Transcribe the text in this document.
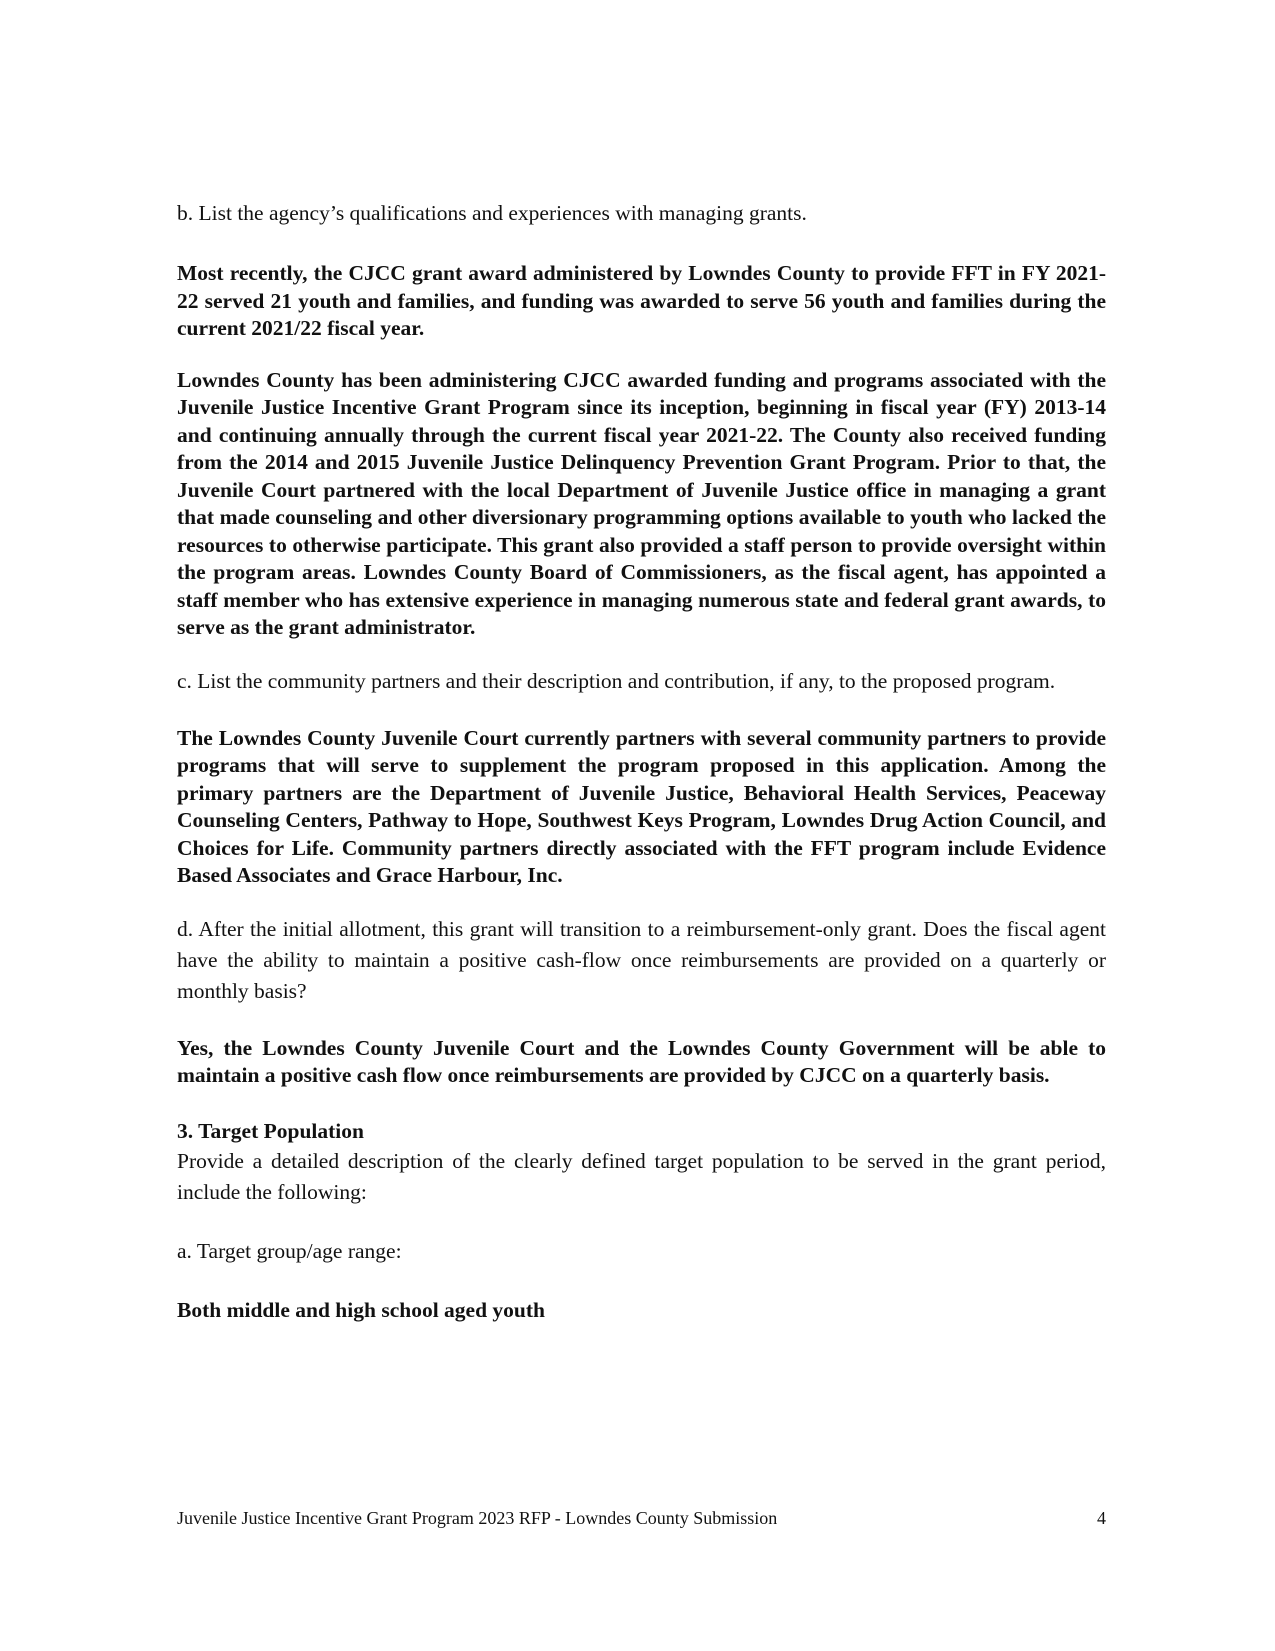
b. List the agency’s qualifications and experiences with managing grants.

Most recently, the CJCC grant award administered by Lowndes County to provide FFT in FY 2021-22 served 21 youth and families, and funding was awarded to serve 56 youth and families during the current 2021/22 fiscal year.

Lowndes County has been administering CJCC awarded funding and programs associated with the Juvenile Justice Incentive Grant Program since its inception, beginning in fiscal year (FY) 2013-14 and continuing annually through the current fiscal year 2021-22. The County also received funding from the 2014 and 2015 Juvenile Justice Delinquency Prevention Grant Program. Prior to that, the Juvenile Court partnered with the local Department of Juvenile Justice office in managing a grant that made counseling and other diversionary programming options available to youth who lacked the resources to otherwise participate. This grant also provided a staff person to provide oversight within the program areas. Lowndes County Board of Commissioners, as the fiscal agent, has appointed a staff member who has extensive experience in managing numerous state and federal grant awards, to serve as the grant administrator.

c. List the community partners and their description and contribution, if any, to the proposed program.

The Lowndes County Juvenile Court currently partners with several community partners to provide programs that will serve to supplement the program proposed in this application. Among the primary partners are the Department of Juvenile Justice, Behavioral Health Services, Peaceway Counseling Centers, Pathway to Hope, Southwest Keys Program, Lowndes Drug Action Council, and Choices for Life. Community partners directly associated with the FFT program include Evidence Based Associates and Grace Harbour, Inc.

d. After the initial allotment, this grant will transition to a reimbursement-only grant. Does the fiscal agent have the ability to maintain a positive cash-flow once reimbursements are provided on a quarterly or monthly basis?

Yes, the Lowndes County Juvenile Court and the Lowndes County Government will be able to maintain a positive cash flow once reimbursements are provided by CJCC on a quarterly basis.

3. Target Population

Provide a detailed description of the clearly defined target population to be served in the grant period, include the following:

a. Target group/age range:

Both middle and high school aged youth

Juvenile Justice Incentive Grant Program 2023 RFP - Lowndes County Submission	4
